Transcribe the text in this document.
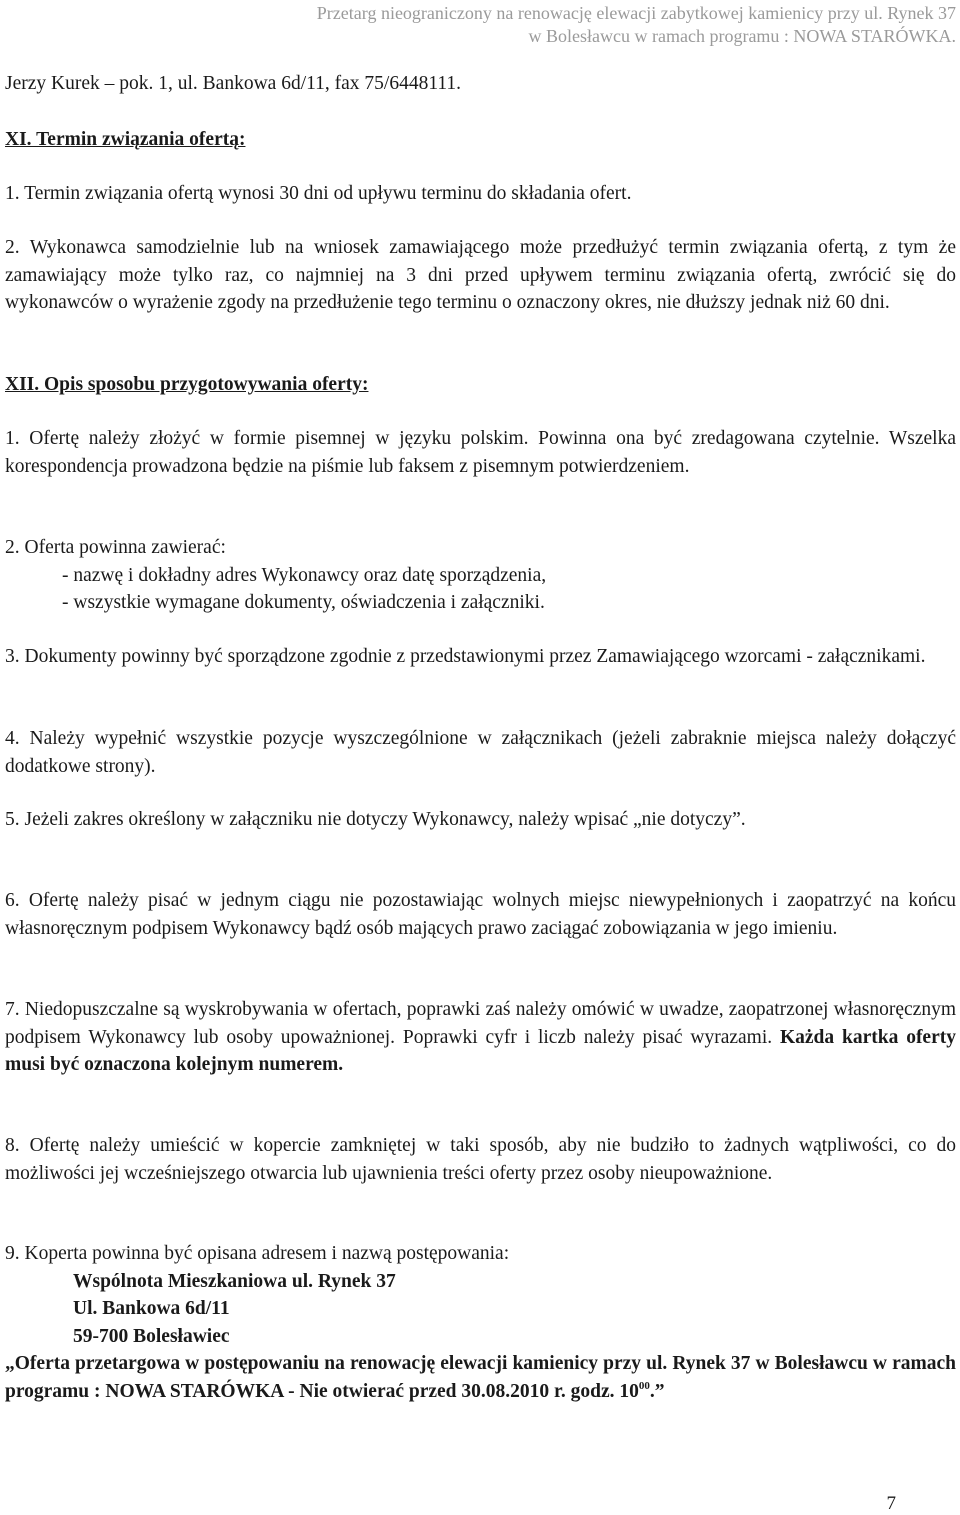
Przetarg nieograniczony na renowację elewacji zabytkowej kamienicy przy ul. Rynek 37
w Bolesławcu w ramach programu : NOWA STARÓWKA.
Jerzy Kurek – pok. 1, ul. Bankowa 6d/11, fax 75/6448111.
XI. Termin związania ofertą:
1. Termin związania ofertą wynosi 30 dni od upływu terminu do składania ofert.
2. Wykonawca samodzielnie lub na wniosek zamawiającego może przedłużyć termin związania ofertą, z tym że zamawiający może tylko raz, co najmniej na 3 dni przed upływem terminu związania ofertą, zwrócić się do wykonawców o wyrażenie zgody na przedłużenie tego terminu o oznaczony okres, nie dłuższy jednak niż 60 dni.
XII. Opis sposobu przygotowywania oferty:
1. Ofertę należy złożyć w formie pisemnej w języku polskim. Powinna ona być zredagowana czytelnie. Wszelka korespondencja prowadzona będzie na piśmie lub faksem z pisemnym potwierdzeniem.
2. Oferta powinna zawierać:
- nazwę i dokładny adres Wykonawcy oraz datę sporządzenia,
- wszystkie wymagane dokumenty, oświadczenia i załączniki.
3. Dokumenty powinny być sporządzone zgodnie z przedstawionymi przez Zamawiającego wzorcami - załącznikami.
4. Należy wypełnić wszystkie pozycje wyszczególnione w załącznikach (jeżeli zabraknie miejsca należy dołączyć dodatkowe strony).
5. Jeżeli zakres określony w załączniku nie dotyczy Wykonawcy, należy wpisać „nie dotyczy”.
6. Ofertę należy pisać w jednym ciągu nie pozostawiając wolnych miejsc niewypełnionych i zaopatrzyć na końcu własnoręcznym podpisem Wykonawcy bądź osób mających prawo zaciągać zobowiązania w jego imieniu.
7. Niedopuszczalne są wyskrobywania w ofertach, poprawki zaś należy omówić w uwadze, zaopatrzonej własnoręcznym podpisem Wykonawcy lub osoby upoważnionej. Poprawki cyfr i liczb należy pisać wyrazami. Każda kartka oferty musi być oznaczona kolejnym numerem.
8. Ofertę należy umieścić w kopercie zamkniętej w taki sposób, aby nie budziło to żadnych wątpliwości, co do możliwości jej wcześniejszego otwarcia lub ujawnienia treści oferty przez osoby nieupoważnione.
9. Koperta powinna być opisana adresem i nazwą postępowania:
Wspólnota Mieszkaniowa ul. Rynek 37
Ul. Bankowa 6d/11
59-700 Bolesławiec
„Oferta przetargowa w postępowaniu na renowację elewacji kamienicy przy ul. Rynek 37 w Bolesławcu w ramach programu : NOWA STARÓWKA - Nie otwierać przed 30.08.2010 r. godz. $10^{00}$.”
7
